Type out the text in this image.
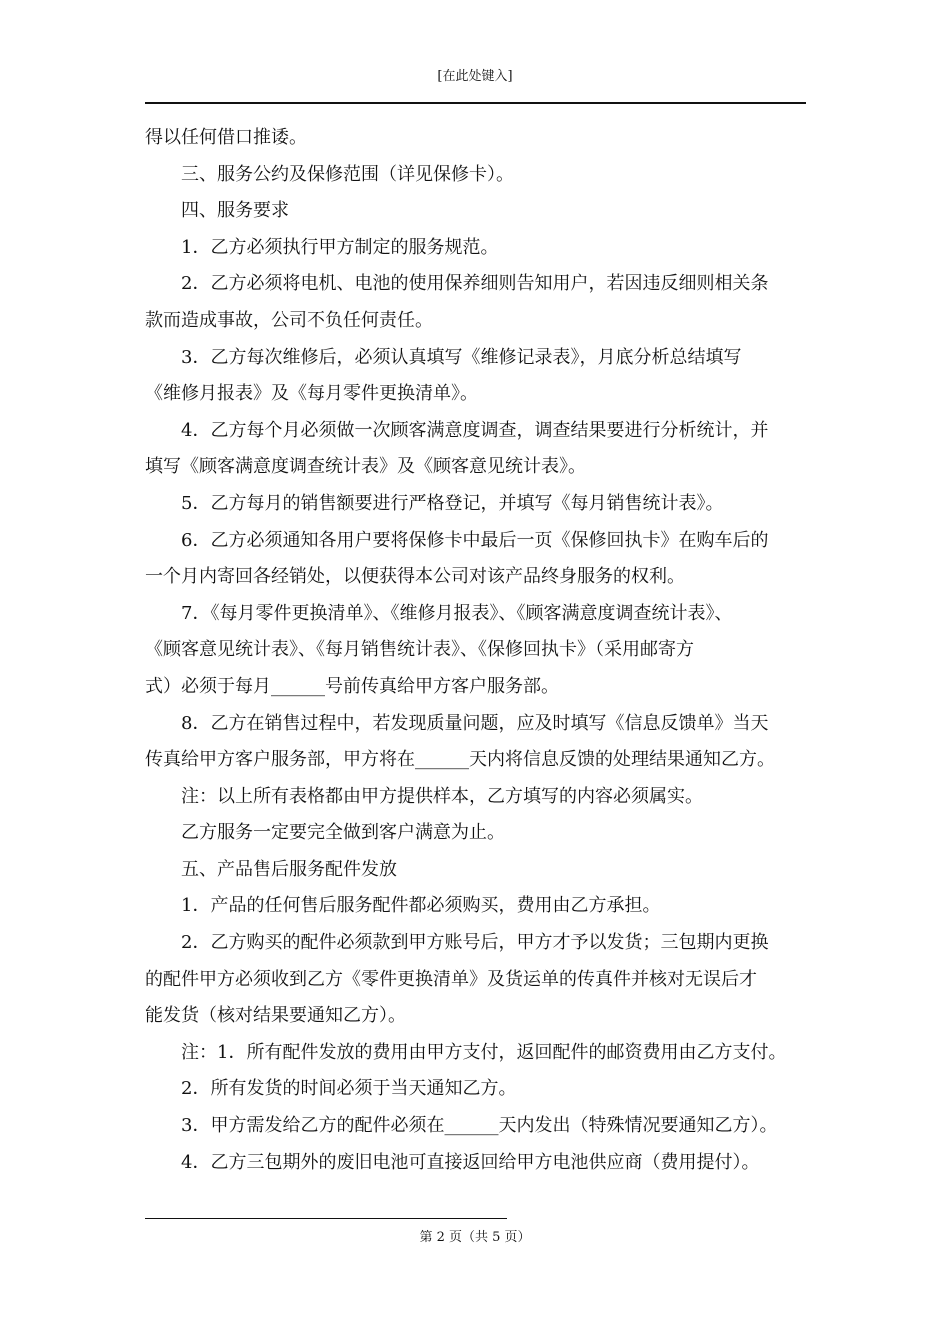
[在此处键入]
得以任何借口推诿。
三、服务公约及保修范围（详见保修卡）。
四、服务要求
1．乙方必须执行甲方制定的服务规范。
2．乙方必须将电机、电池的使用保养细则告知用户，若因违反细则相关条
款而造成事故，公司不负任何责任。
3．乙方每次维修后，必须认真填写《维修记录表》，月底分析总结填写
《维修月报表》及《每月零件更换清单》。
4．乙方每个月必须做一次顾客满意度调查，调查结果要进行分析统计，并
填写《顾客满意度调查统计表》及《顾客意见统计表》。
5．乙方每月的销售额要进行严格登记，并填写《每月销售统计表》。
6．乙方必须通知各用户要将保修卡中最后一页《保修回执卡》在购车后的
一个月内寄回各经销处，以便获得本公司对该产品终身服务的权利。
7．《每月零件更换清单》、《维修月报表》、《顾客满意度调查统计表》、
《顾客意见统计表》、《每月销售统计表》、《保修回执卡》（采用邮寄方
式）必须于每月______号前传真给甲方客户服务部。
8．乙方在销售过程中，若发现质量问题，应及时填写《信息反馈单》当天
传真给甲方客户服务部，甲方将在______天内将信息反馈的处理结果通知乙方。
注：以上所有表格都由甲方提供样本，乙方填写的内容必须属实。
乙方服务一定要完全做到客户满意为止。
五、产品售后服务配件发放
1．产品的任何售后服务配件都必须购买，费用由乙方承担。
2．乙方购买的配件必须款到甲方账号后，甲方才予以发货；三包期内更换
的配件甲方必须收到乙方《零件更换清单》及货运单的传真件并核对无误后才
能发货（核对结果要通知乙方）。
注：1．所有配件发放的费用由甲方支付，返回配件的邮资费用由乙方支付。
2．所有发货的时间必须于当天通知乙方。
3．甲方需发给乙方的配件必须在______天内发出（特殊情况要通知乙方）。
4．乙方三包期外的废旧电池可直接返回给甲方电池供应商（费用提付）。
第 2 页（共 5 页）
